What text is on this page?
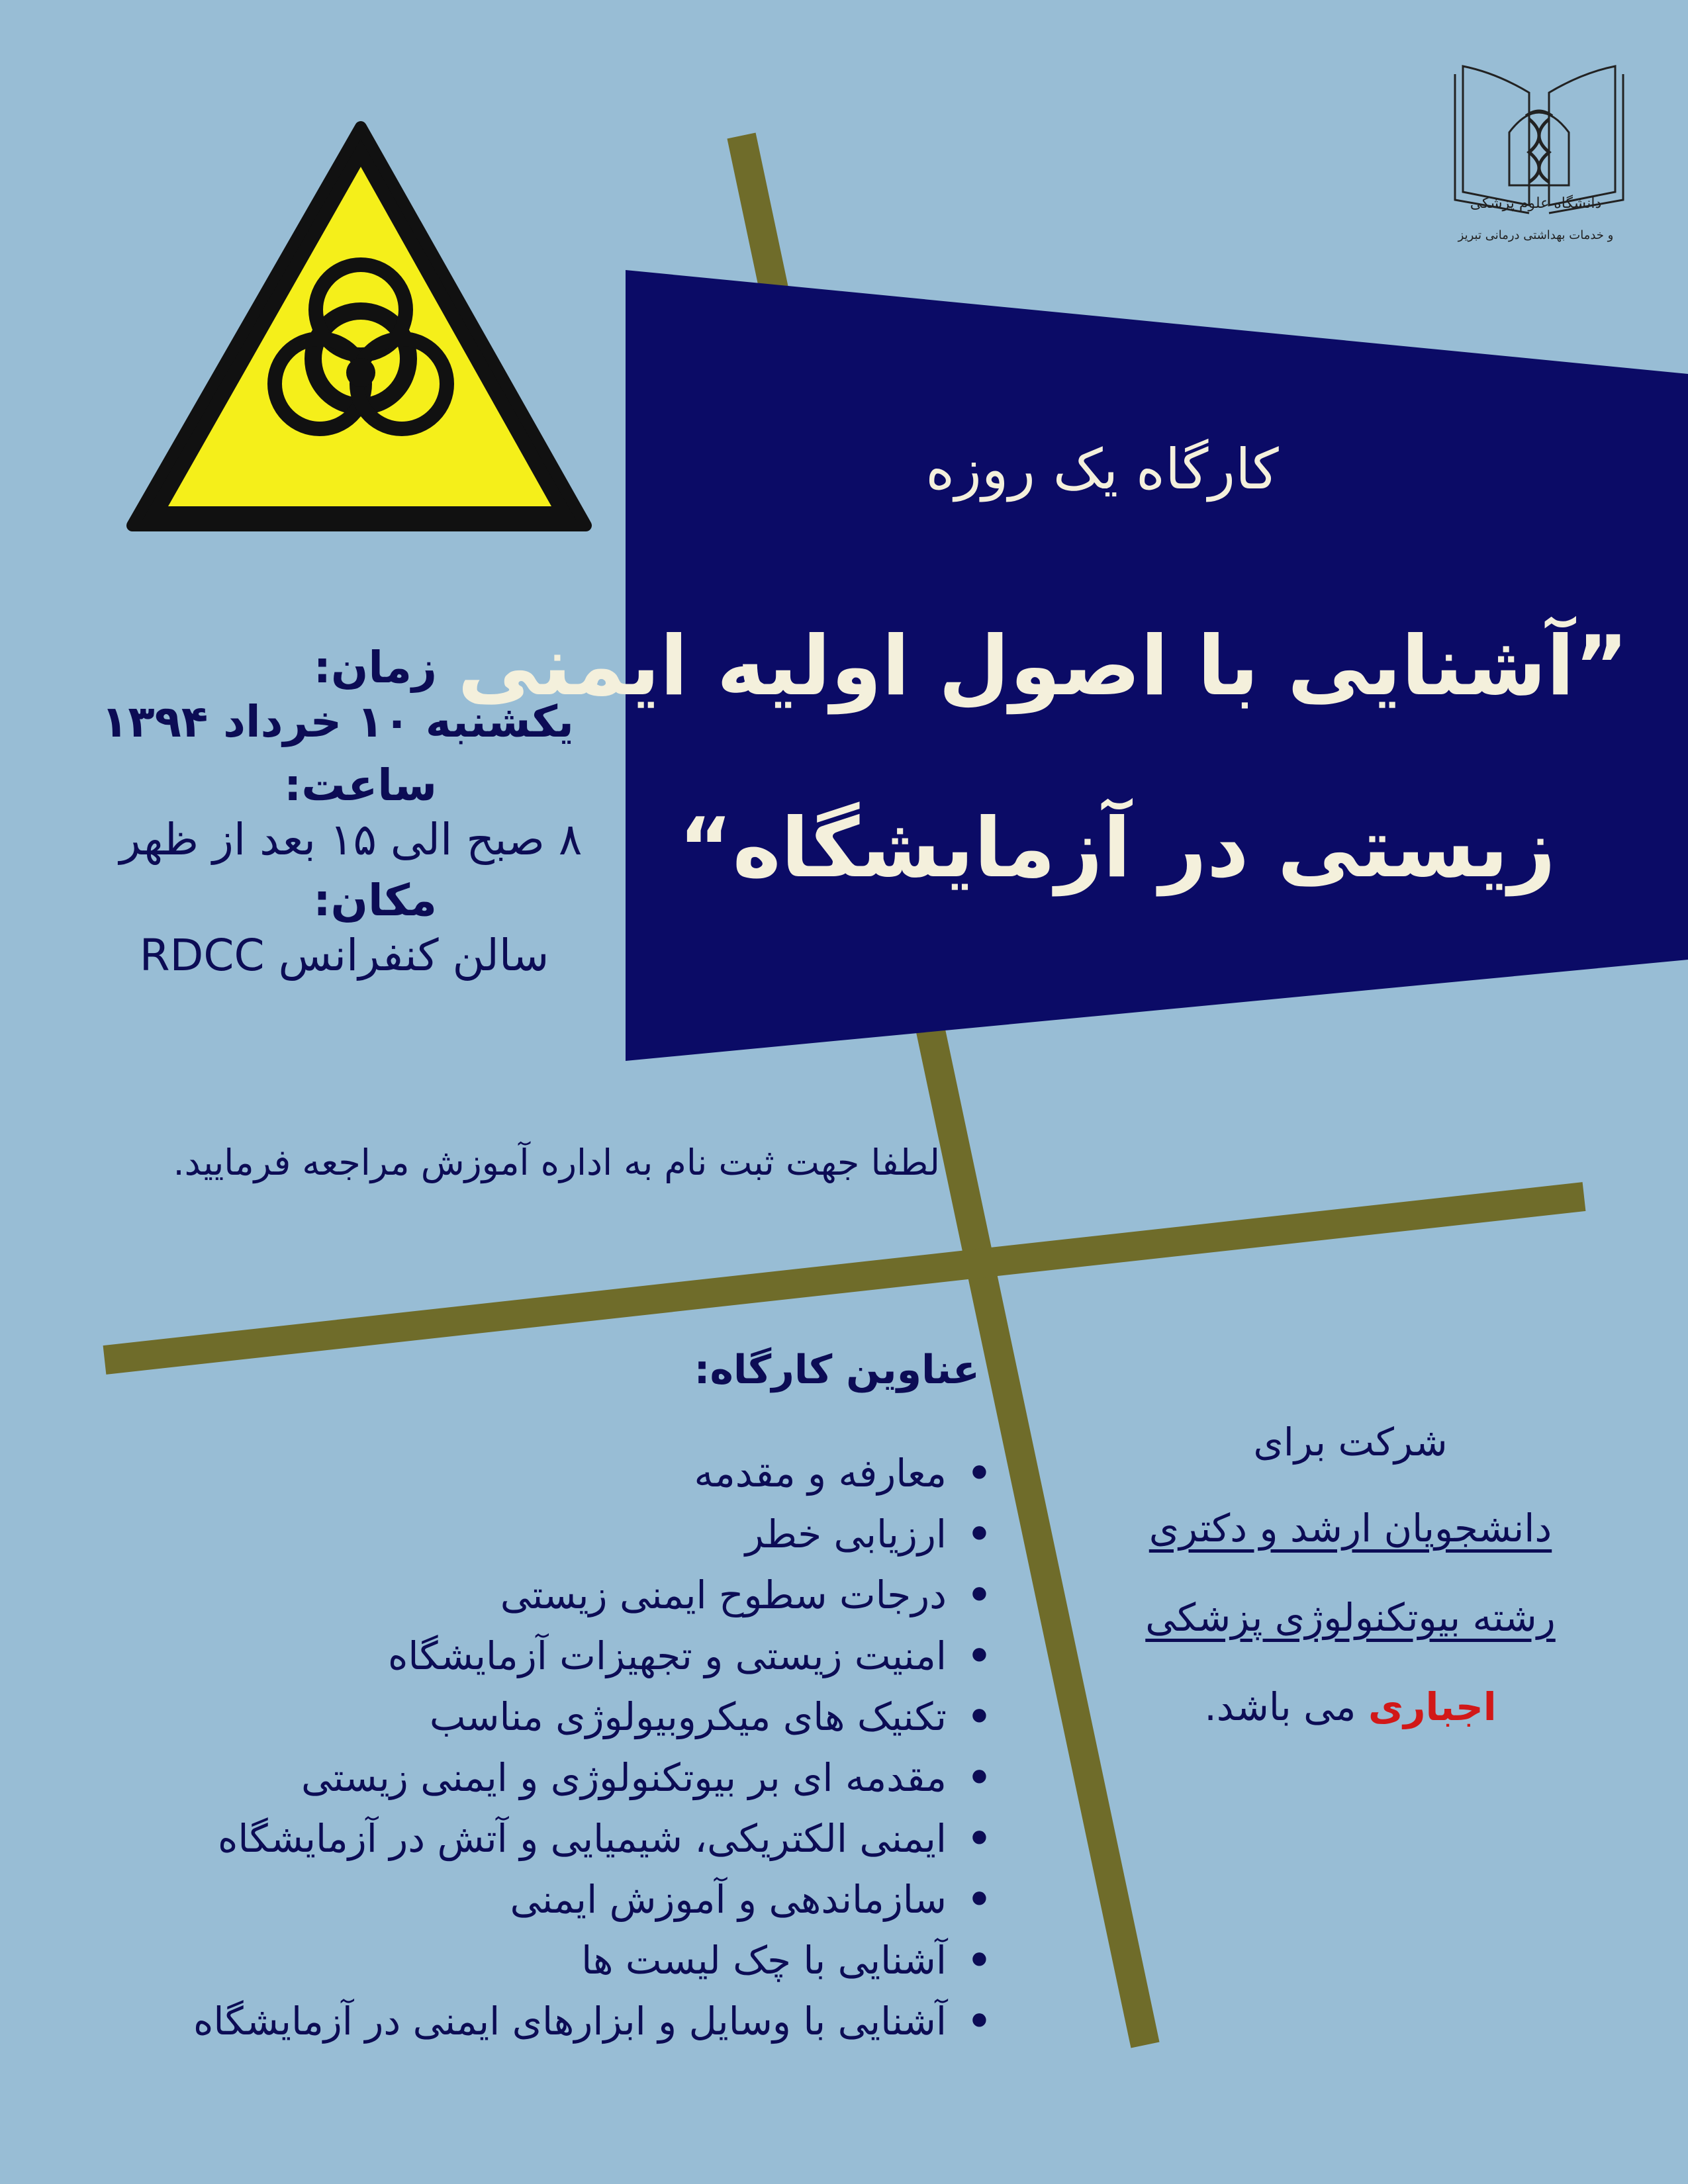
دانشگاه علوم پزشکی
و خدمات بهداشتی درمانی تبریز
کارگاه یک روزه
”آشنایی با اصول اولیه ایمنی
زیستی در آزمایشگاه“
زمان:
یکشنبه ۱۰ خرداد ۱۳۹۴
ساعت:
۸ صبح الی ۱۵ بعد از ظهر
مکان:
سالن کنفرانس RDCC
لطفا جهت ثبت نام به اداره آموزش مراجعه فرمایید.
عناوین کارگاه:
•
معارفه و مقدمه
•
ارزیابی خطر
•
درجات سطوح ایمنی زیستی
•
امنیت زیستی و تجهیزات آزمایشگاه
•
تکنیک های میکروبیولوژی مناسب
•
مقدمه ای بر بیوتکنولوژی و ایمنی زیستی
•
ایمنی الکتریکی، شیمیایی و آتش در آزمایشگاه
•
سازماندهی و آموزش ایمنی
•
آشنایی با چک لیست ها
•
آشنایی با وسایل و ابزارهای ایمنی در آزمایشگاه
شرکت برای
دانشجویان ارشد و دکتری
رشته بیوتکنولوژی پزشکی
اجباری می باشد.
